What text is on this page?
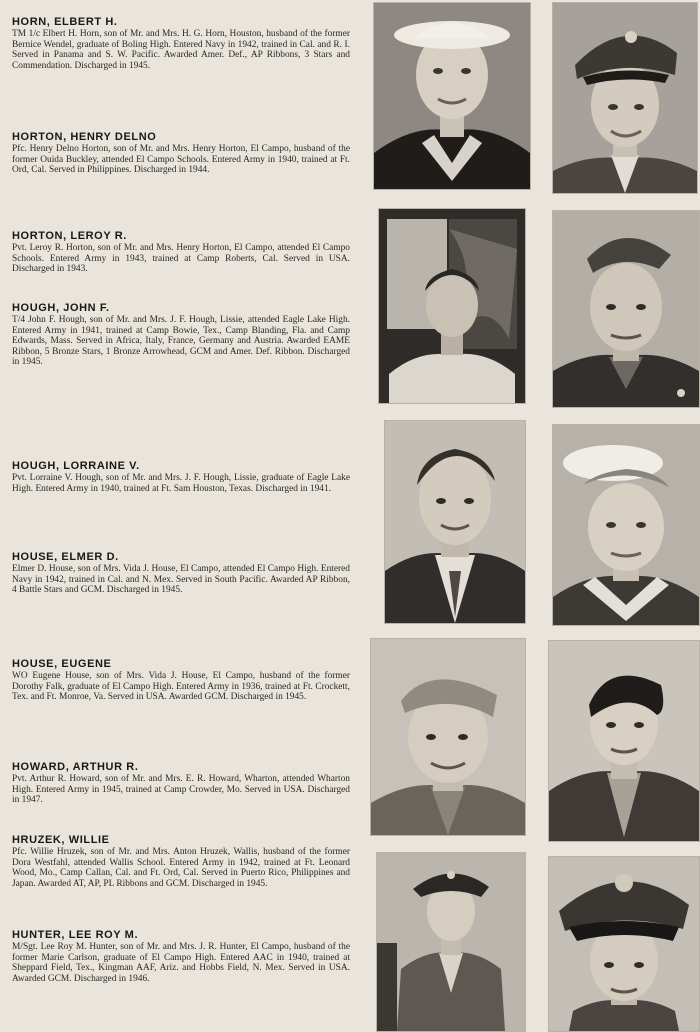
HORN, ELBERT H.

TM 1/c Elbert H. Horn, son of Mr. and Mrs. H. G. Horn, Houston, husband of the former Bernice Wendel, graduate of Boling High. Entered Navy in 1942, trained in Cal. and R. I. Served in Panama and S. W. Pacific. Awarded Amer. Def., AP Ribbons, 3 Stars and Commendation. Discharged in 1945.

HORTON, HENRY DELNO

Pfc. Henry Delno Horton, son of Mr. and Mrs. Henry Horton, El Campo, husband of the former Ouida Buckley, attended El Campo Schools. Entered Army in 1940, trained at Ft. Ord, Cal. Served in Philippines. Discharged in 1944.

HORTON, LEROY R.

Pvt. Leroy R. Horton, son of Mr. and Mrs. Henry Horton, El Campo, attended El Campo Schools. Entered Army in 1943, trained at Camp Roberts, Cal. Served in USA. Discharged in 1943.

HOUGH, JOHN F.

T/4 John F. Hough, son of Mr. and Mrs. J. F. Hough, Lissie, attended Eagle Lake High. Entered Army in 1941, trained at Camp Bowie, Tex., Camp Blanding, Fla. and Camp Edwards, Mass. Served in Africa, Italy, France, Germany and Austria. Awarded EAME Ribbon, 5 Bronze Stars, 1 Bronze Arrowhead, GCM and Amer. Def. Ribbon. Discharged in 1945.

HOUGH, LORRAINE V.

Pvt. Lorraine V. Hough, son of Mr. and Mrs. J. F. Hough, Lissie, graduate of Eagle Lake High. Entered Army in 1940, trained at Ft. Sam Houston, Texas. Discharged in 1941.

HOUSE, ELMER D.

Elmer D. House, son of Mrs. Vida J. House, El Campo, attended El Campo High. Entered Navy in 1942, trained in Cal. and N. Mex. Served in South Pacific. Awarded AP Ribbon, 4 Battle Stars and GCM. Discharged in 1945.

HOUSE, EUGENE

WO Eugene House, son of Mrs. Vida J. House, El Campo, husband of the former Dorothy Falk, graduate of El Campo High. Entered Army in 1936, trained at Ft. Crockett, Tex. and Ft. Monroe, Va. Served in USA. Awarded GCM. Discharged in 1945.

HOWARD, ARTHUR R.

Pvt. Arthur R. Howard, son of Mr. and Mrs. E. R. Howard, Wharton, attended Wharton High. Entered Army in 1945, trained at Camp Crowder, Mo. Served in USA. Discharged in 1947.

HRUZEK, WILLIE

Pfc. Willie Hruzek, son of Mr. and Mrs. Anton Hruzek, Wallis, husband of the former Dora Westfahl, attended Wallis School. Entered Army in 1942, trained at Ft. Leonard Wood, Mo., Camp Callan, Cal. and Ft. Ord, Cal. Served in Puerto Rico, Philippines and Japan. Awarded AT, AP, PL Ribbons and GCM. Discharged in 1945.

HUNTER, LEE ROY M.

M/Sgt. Lee Roy M. Hunter, son of Mr. and Mrs. J. R. Hunter, El Campo, husband of the former Marie Carlson, graduate of El Campo High. Entered AAC in 1940, trained at Sheppard Field, Tex., Kingman AAF, Ariz. and Hobbs Field, N. Mex. Served in USA. Awarded GCM. Discharged in 1946.
